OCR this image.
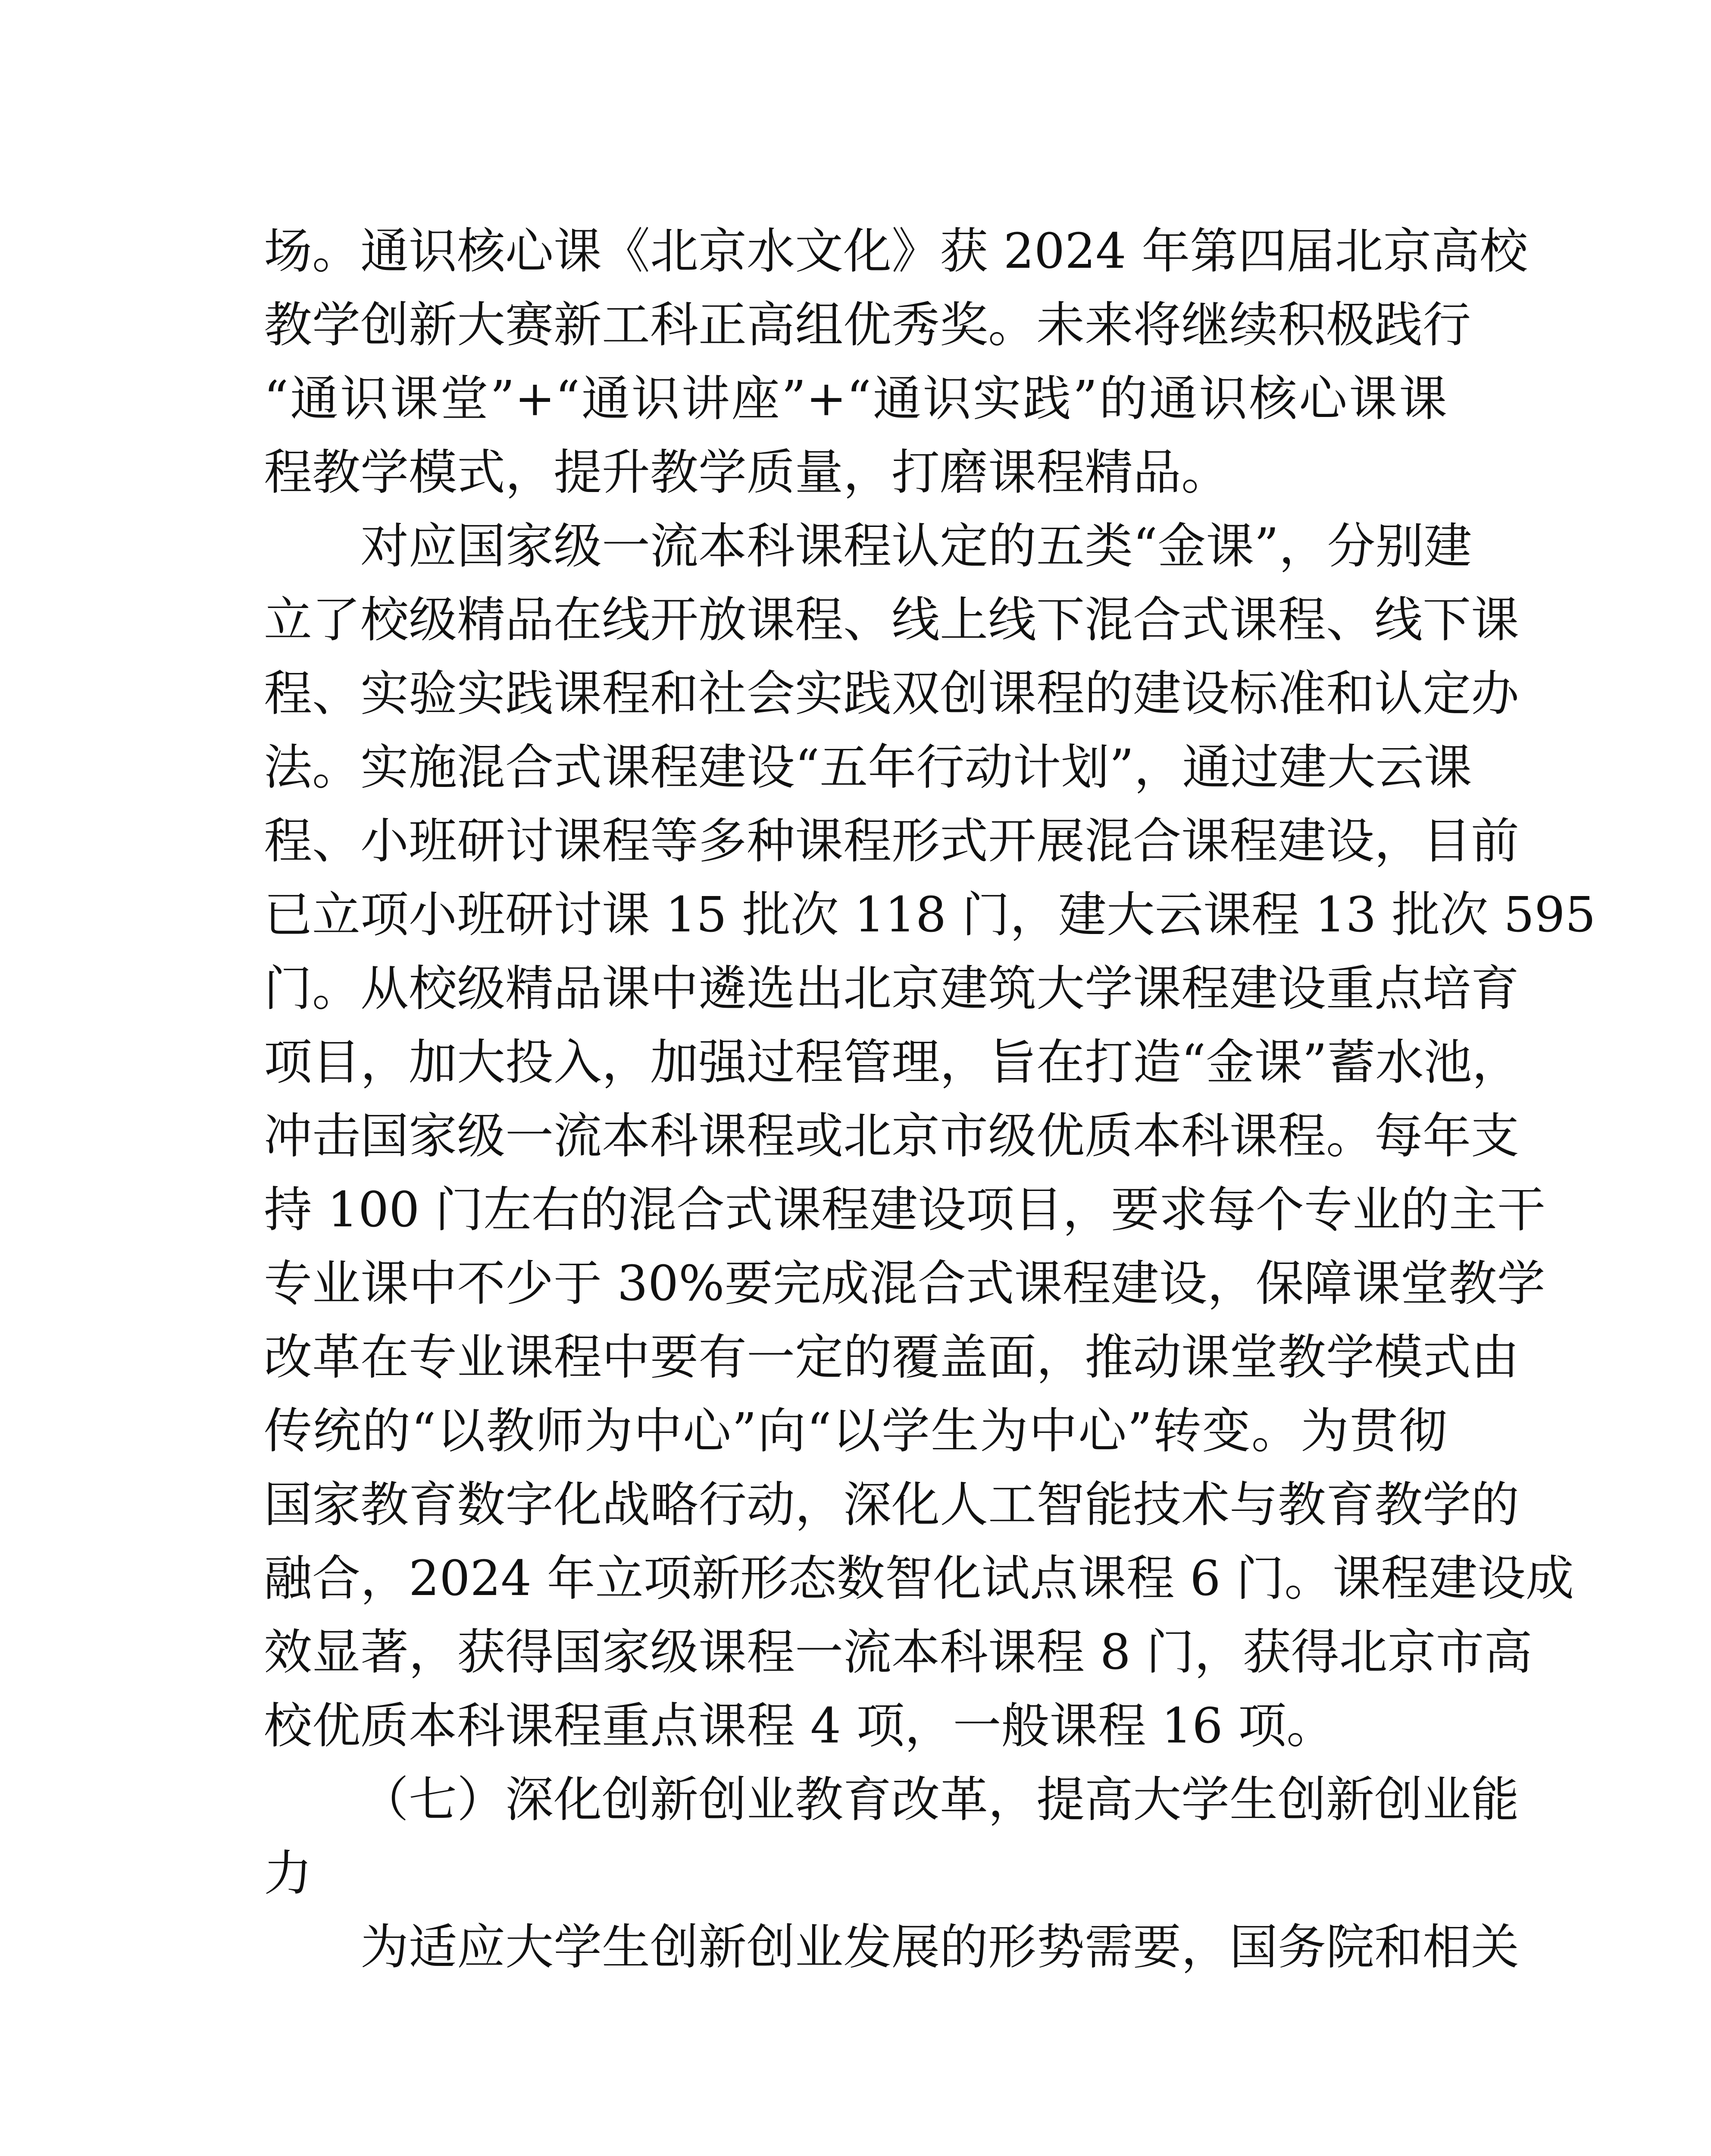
场。通识核心课《北京水文化》获 2024 年第四届北京高校
教学创新大赛新工科正高组优秀奖。未来将继续积极践行
“通识课堂”+“通识讲座”+“通识实践”的通识核心课课
程教学模式，提升教学质量，打磨课程精品。
对应国家级一流本科课程认定的五类“金课”，分别建
立了校级精品在线开放课程、线上线下混合式课程、线下课
程、实验实践课程和社会实践双创课程的建设标准和认定办
法。实施混合式课程建设“五年行动计划”，通过建大云课
程、小班研讨课程等多种课程形式开展混合课程建设，目前
已立项小班研讨课 15 批次 118 门，建大云课程 13 批次 595
门。从校级精品课中遴选出北京建筑大学课程建设重点培育
项目，加大投入，加强过程管理，旨在打造“金课”蓄水池，
冲击国家级一流本科课程或北京市级优质本科课程。每年支
持 100 门左右的混合式课程建设项目，要求每个专业的主干
专业课中不少于 30%要完成混合式课程建设，保障课堂教学
改革在专业课程中要有一定的覆盖面，推动课堂教学模式由
传统的“以教师为中心”向“以学生为中心”转变。为贯彻
国家教育数字化战略行动，深化人工智能技术与教育教学的
融合，2024 年立项新形态数智化试点课程 6 门。课程建设成
效显著，获得国家级课程一流本科课程 8 门，获得北京市高
校优质本科课程重点课程 4 项，一般课程 16 项。
（七）深化创新创业教育改革，提高大学生创新创业能
力
为适应大学生创新创业发展的形势需要，国务院和相关
